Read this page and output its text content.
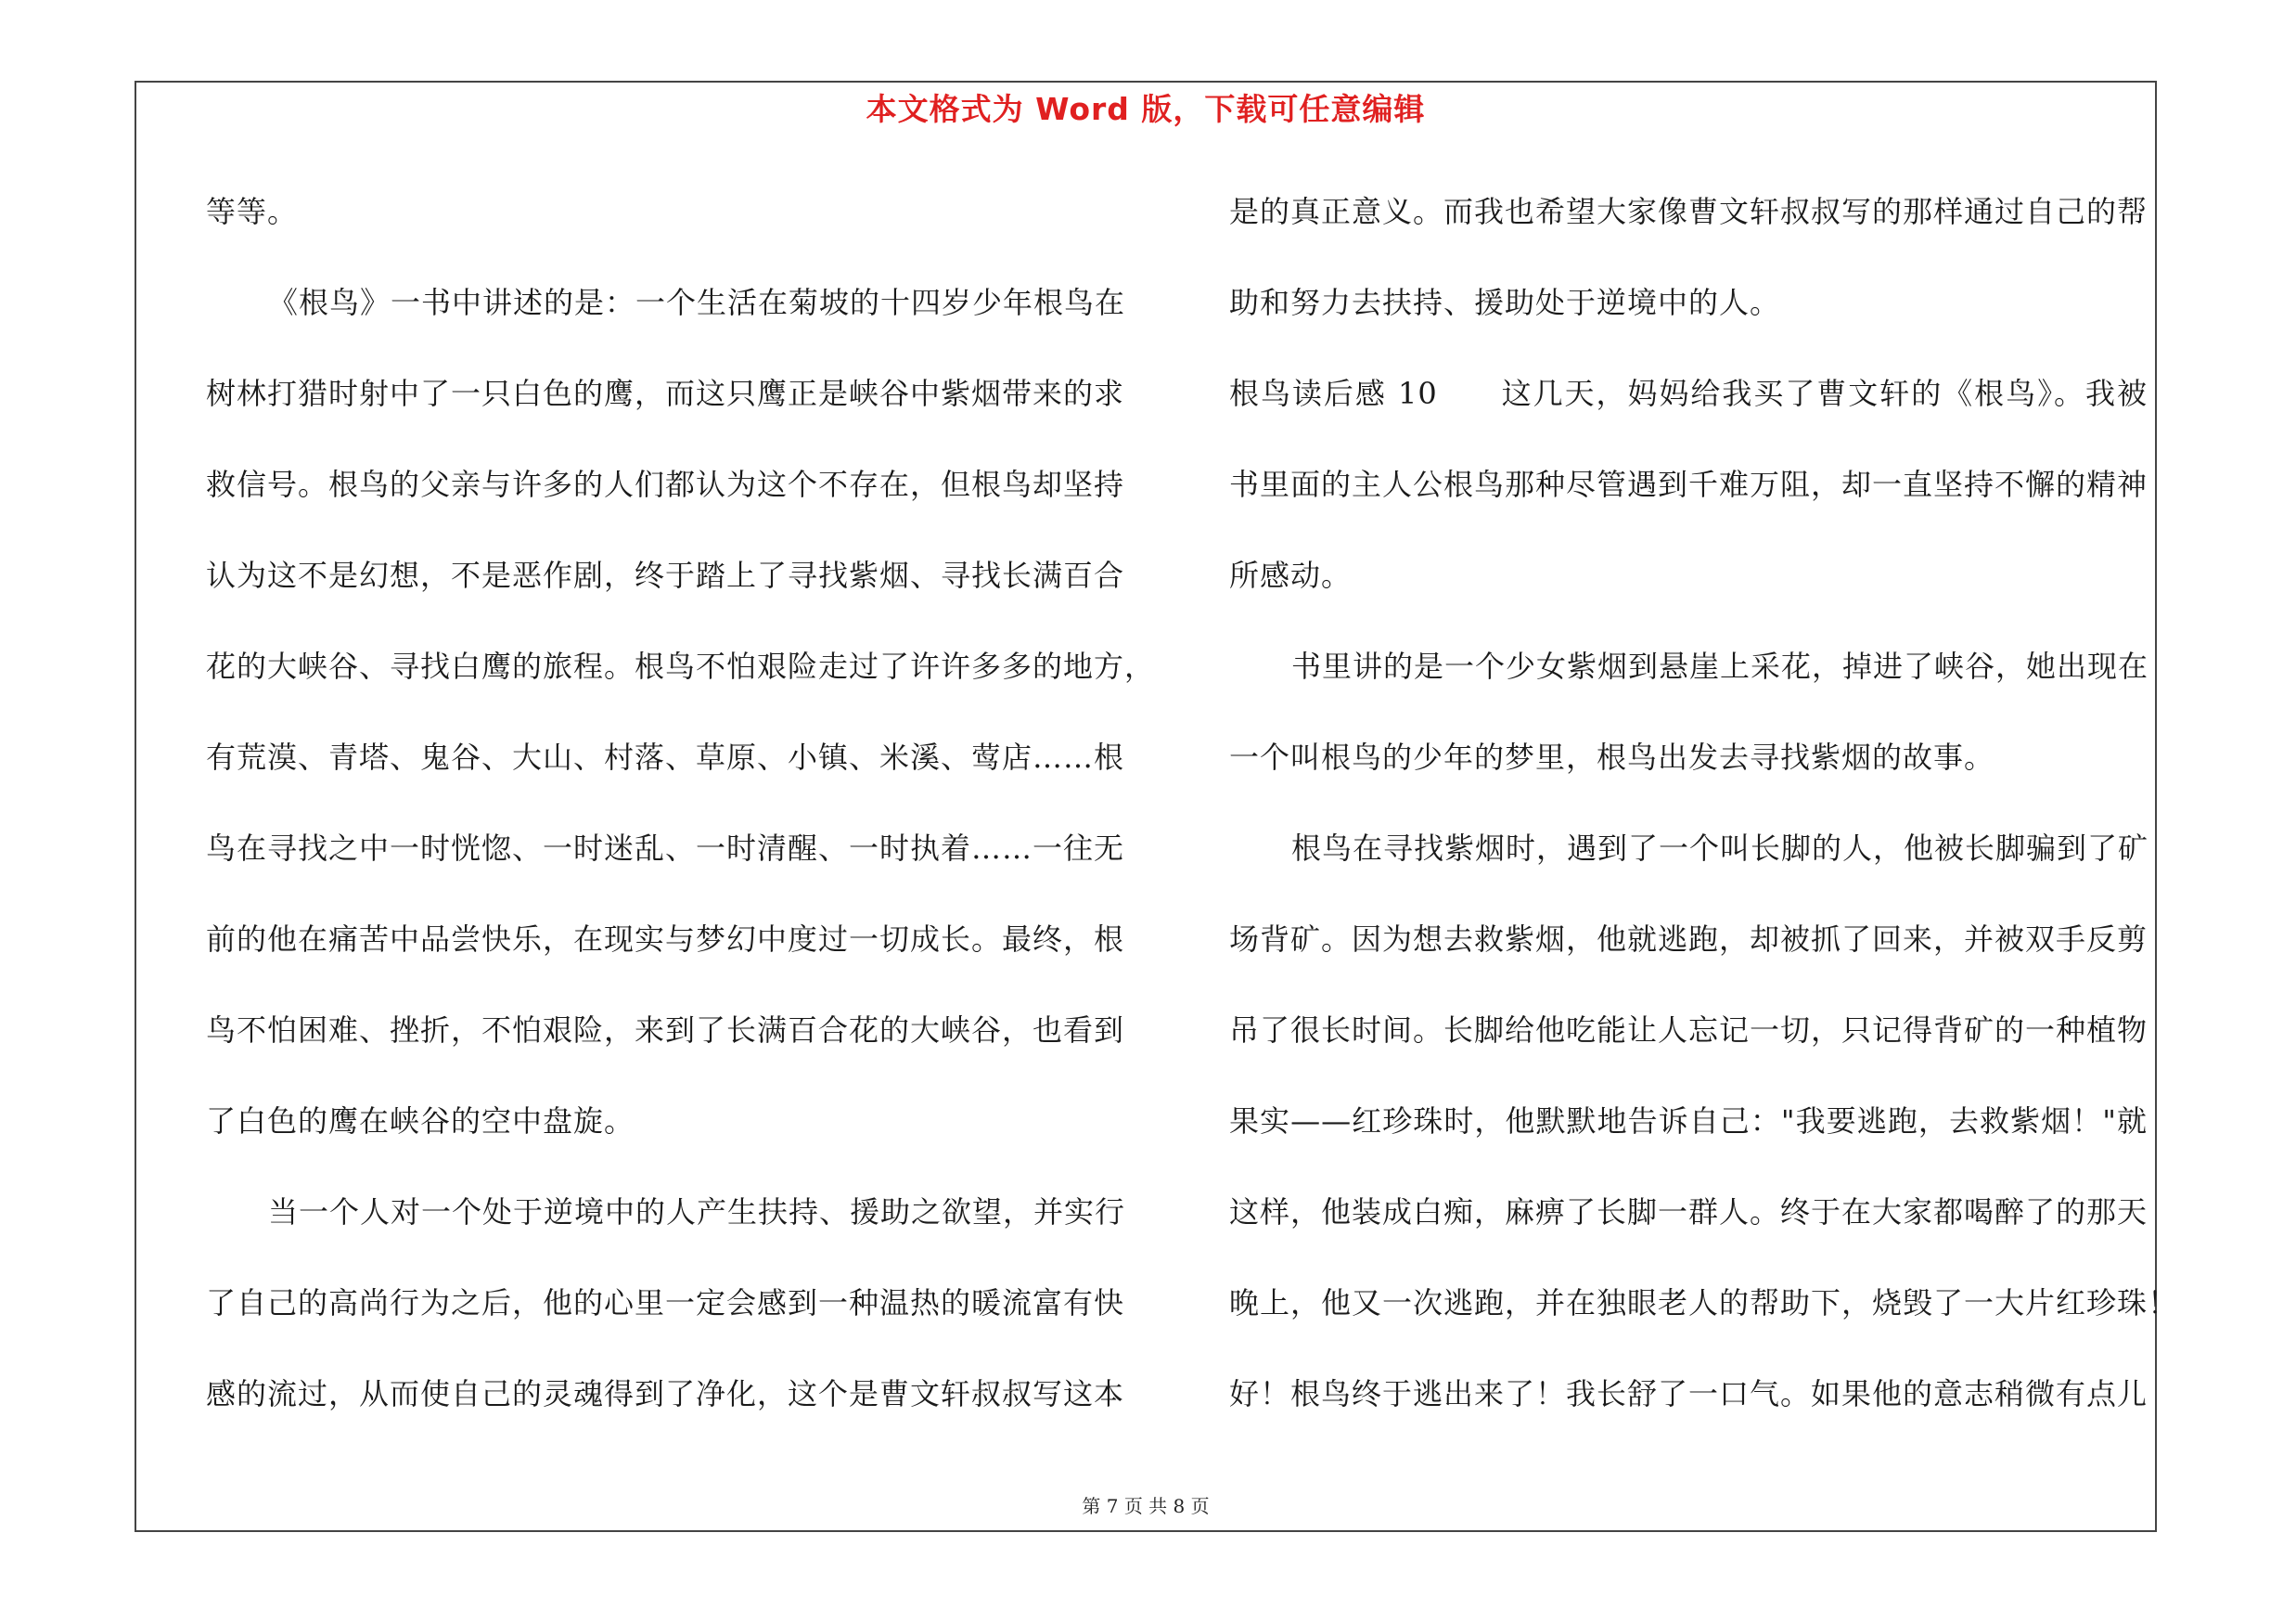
本文格式为 Word 版，下载可任意编辑
等等。
《根鸟》一书中讲述的是：一个生活在菊坡的十四岁少年根鸟在
树林打猎时射中了一只白色的鹰，而这只鹰正是峡谷中紫烟带来的求
救信号。根鸟的父亲与许多的人们都认为这个不存在，但根鸟却坚持
认为这不是幻想，不是恶作剧，终于踏上了寻找紫烟、寻找长满百合
花的大峡谷、寻找白鹰的旅程。根鸟不怕艰险走过了许许多多的地方，
有荒漠、青塔、鬼谷、大山、村落、草原、小镇、米溪、莺店……根
鸟在寻找之中一时恍惚、一时迷乱、一时清醒、一时执着……一往无
前的他在痛苦中品尝快乐，在现实与梦幻中度过一切成长。最终，根
鸟不怕困难、挫折，不怕艰险，来到了长满百合花的大峡谷，也看到
了白色的鹰在峡谷的空中盘旋。
当一个人对一个处于逆境中的人产生扶持、援助之欲望，并实行
了自己的高尚行为之后，他的心里一定会感到一种温热的暖流富有快
感的流过，从而使自己的灵魂得到了净化，这个是曹文轩叔叔写这本
是的真正意义。而我也希望大家像曹文轩叔叔写的那样通过自己的帮
助和努力去扶持、援助处于逆境中的人。
根鸟读后感 10　　这几天，妈妈给我买了曹文轩的《根鸟》。我被
书里面的主人公根鸟那种尽管遇到千难万阻，却一直坚持不懈的精神
所感动。
书里讲的是一个少女紫烟到悬崖上采花，掉进了峡谷，她出现在
一个叫根鸟的少年的梦里，根鸟出发去寻找紫烟的故事。
根鸟在寻找紫烟时，遇到了一个叫长脚的人，他被长脚骗到了矿
场背矿。因为想去救紫烟，他就逃跑，却被抓了回来，并被双手反剪
吊了很长时间。长脚给他吃能让人忘记一切，只记得背矿的一种植物
果实——红珍珠时，他默默地告诉自己："我要逃跑，去救紫烟！"就
这样，他装成白痴，麻痹了长脚一群人。终于在大家都喝醉了的那天
晚上，他又一次逃跑，并在独眼老人的帮助下，烧毁了一大片红珍珠！
好！根鸟终于逃出来了！我长舒了一口气。如果他的意志稍微有点儿
第 7 页 共 8 页
